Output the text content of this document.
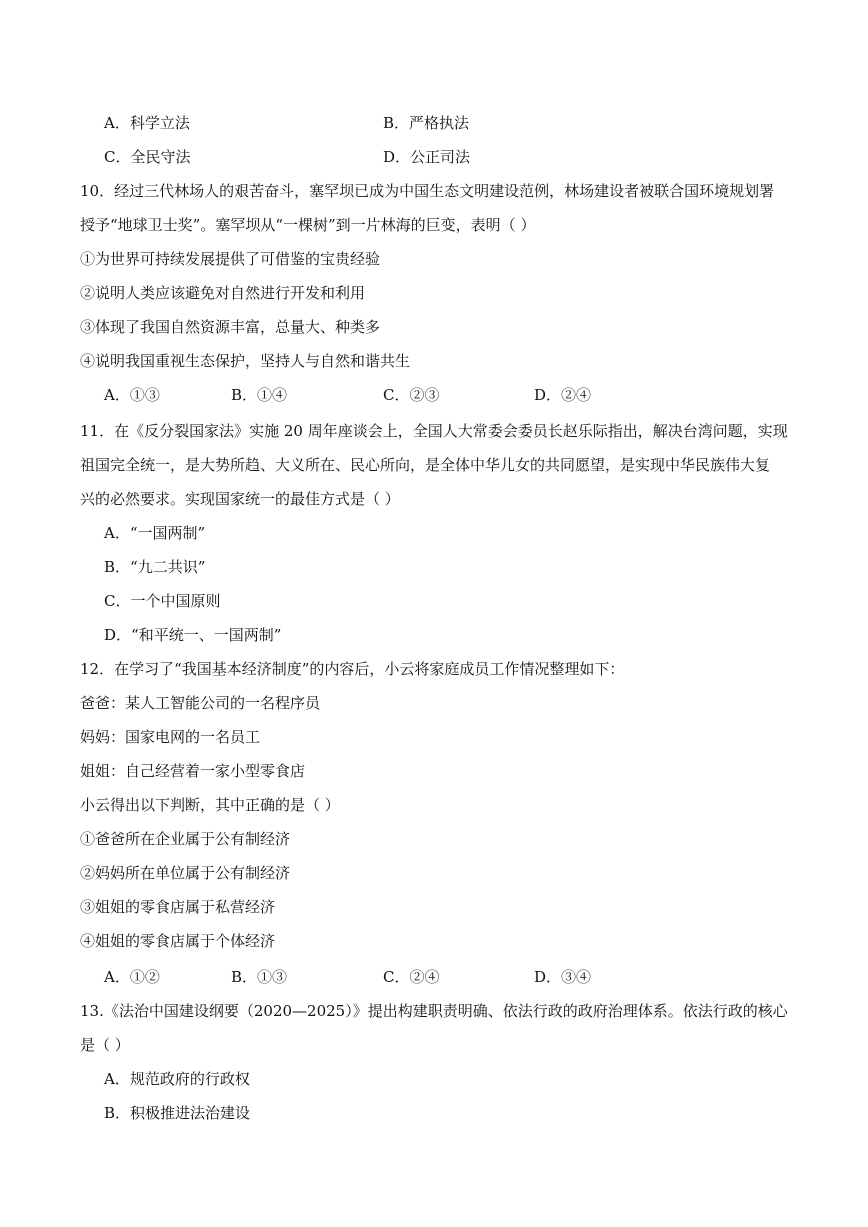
A．科学立法	B．严格执法
C．全民守法	D．公正司法
10．经过三代林场人的艰苦奋斗，塞罕坝已成为中国生态文明建设范例，林场建设者被联合国环境规划署
授予“地球卫士奖”。塞罕坝从“一棵树”到一片林海的巨变，表明（ ）
①为世界可持续发展提供了可借鉴的宝贵经验
②说明人类应该避免对自然进行开发和利用
③体现了我国自然资源丰富，总量大、种类多
④说明我国重视生态保护，坚持人与自然和谐共生
A．①③	B．①④	C．②③	D．②④
11．在《反分裂国家法》实施 20 周年座谈会上，全国人大常委会委员长赵乐际指出，解决台湾问题，实现
祖国完全统一，是大势所趋、大义所在、民心所向，是全体中华儿女的共同愿望，是实现中华民族伟大复
兴的必然要求。实现国家统一的最佳方式是（ ）
A．“一国两制”
B．“九二共识”
C．一个中国原则
D．“和平统一、一国两制”
12．在学习了“我国基本经济制度”的内容后，小云将家庭成员工作情况整理如下：
爸爸：某人工智能公司的一名程序员
妈妈：国家电网的一名员工
姐姐：自己经营着一家小型零食店
小云得出以下判断，其中正确的是（ ）
①爸爸所在企业属于公有制经济
②妈妈所在单位属于公有制经济
③姐姐的零食店属于私营经济
④姐姐的零食店属于个体经济
A．①②	B．①③	C．②④	D．③④
13.《法治中国建设纲要（2020—2025）》提出构建职责明确、依法行政的政府治理体系。依法行政的核心
是（ ）
A．规范政府的行政权
B．积极推进法治建设
